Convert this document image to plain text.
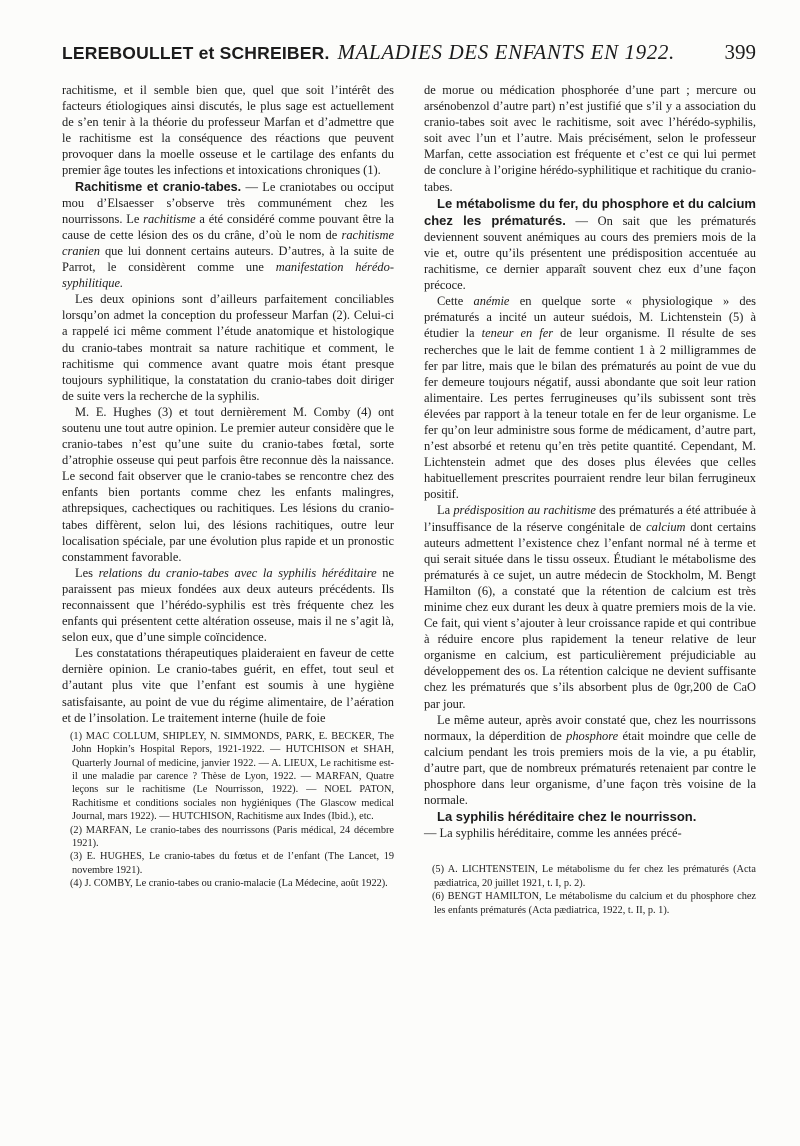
LEREBOULLET et SCHREIBER. MALADIES DES ENFANTS EN 1922.	399

rachitisme, et il semble bien que, quel que soit l’intérêt des facteurs étiologiques ainsi discutés, le plus sage est actuellement de s’en tenir à la théorie du professeur Marfan et d’admettre que le rachitisme est la conséquence des réactions que peuvent provoquer dans la moelle osseuse et le cartilage des enfants du premier âge toutes les infections et intoxications chroniques (1).

Rachitisme et cranio-tabes. — Le craniotabes ou occiput mou d’Elsaesser s’observe très communément chez les nourrissons. Le rachitisme a été considéré comme pouvant être la cause de cette lésion des os du crâne, d’où le nom de rachitisme cranien que lui donnent certains auteurs. D’autres, à la suite de Parrot, le considèrent comme une manifestation hérédo-syphilitique.

Les deux opinions sont d’ailleurs parfaitement conciliables lorsqu’on admet la conception du professeur Marfan (2). Celui-ci a rappelé ici même comment l’étude anatomique et histologique du cranio-tabes montrait sa nature rachitique et comment, le rachitisme qui commence avant quatre mois étant presque toujours syphilitique, la constatation du cranio-tabes doit diriger de suite vers la recherche de la syphilis.

M. E. Hughes (3) et tout dernièrement M. Comby (4) ont soutenu une tout autre opinion. Le premier auteur considère que le cranio-tabes n’est qu’une suite du cranio-tabes fœtal, sorte d’atrophie osseuse qui peut parfois être reconnue dès la naissance. Le second fait observer que le cranio-tabes se rencontre chez des enfants bien portants comme chez les enfants malingres, athrepsiques, cachectiques ou rachitiques. Les lésions du cranio-tabes diffèrent, selon lui, des lésions rachitiques, outre leur localisation spéciale, par une évolution plus rapide et un pronostic constamment favorable.

Les relations du cranio-tabes avec la syphilis héréditaire ne paraissent pas mieux fondées aux deux auteurs précédents. Ils reconnaissent que l’hérédo-syphilis est très fréquente chez les enfants qui présentent cette altération osseuse, mais il ne s’agit là, selon eux, que d’une simple coïncidence.

Les constatations thérapeutiques plaideraient en faveur de cette dernière opinion. Le cranio-tabes guérit, en effet, tout seul et d’autant plus vite que l’enfant est soumis à une hygiène satisfaisante, au point de vue du régime alimentaire, de l’aération et de l’insolation. Le traitement interne (huile de foie

(1) MAC COLLUM, SHIPLEY, N. SIMMONDS, PARK, E. BECKER, The John Hopkin’s Hospital Repors, 1921-1922. — HUTCHISON et SHAH, Quarterly Journal of medicine, janvier 1922. — A. LIEUX, Le rachitisme est-il une maladie par carence ? Thèse de Lyon, 1922. — MARFAN, Quatre leçons sur le rachitisme (Le Nourrisson, 1922). — NOEL PATON, Rachitisme et conditions sociales non hygiéniques (The Glascow medical Journal, mars 1922). — HUTCHISON, Rachitisme aux Indes (Ibid.), etc.

(2) MARFAN, Le cranio-tabes des nourrissons (Paris médical, 24 décembre 1921).

(3) E. HUGHES, Le cranio-tabes du fœtus et de l’enfant (The Lancet, 19 novembre 1921).

(4) J. COMBY, Le cranio-tabes ou cranio-malacie (La Médecine, août 1922).

de morue ou médication phosphorée d’une part ; mercure ou arsénobenzol d’autre part) n’est justifié que s’il y a association du cranio-tabes soit avec le rachitisme, soit avec l’hérédo-syphilis, soit avec l’un et l’autre. Mais précisément, selon le professeur Marfan, cette association est fréquente et c’est ce qui lui permet de conclure à l’origine hérédo-syphilitique et rachitique du cranio-tabes.

Le métabolisme du fer, du phosphore et du calcium chez les prématurés. — On sait que les prématurés deviennent souvent anémiques au cours des premiers mois de la vie et, outre qu’ils présentent une prédisposition accentuée au rachitisme, ce dernier apparaît souvent chez eux d’une façon précoce.

Cette anémie en quelque sorte « physiologique » des prématurés a incité un auteur suédois, M. Lichtenstein (5) à étudier la teneur en fer de leur organisme. Il résulte de ses recherches que le lait de femme contient 1 à 2 milligrammes de fer par litre, mais que le bilan des prématurés au point de vue du fer demeure toujours négatif, aussi abondante que soit leur ration alimentaire. Les pertes ferrugineuses qu’ils subissent sont très élevées par rapport à la teneur totale en fer de leur organisme. Le fer qu’on leur administre sous forme de médicament, d’autre part, n’est absorbé et retenu qu’en très petite quantité. Cependant, M. Lichtenstein admet que des doses plus élevées que celles habituellement prescrites pourraient rendre leur bilan ferrugineux positif.

La prédisposition au rachitisme des prématurés a été attribuée à l’insuffisance de la réserve congénitale de calcium dont certains auteurs admettent l’existence chez l’enfant normal né à terme et qui serait située dans le tissu osseux. Étudiant le métabolisme des prématurés à ce sujet, un autre médecin de Stockholm, M. Bengt Hamilton (6), a constaté que la rétention de calcium est très minime chez eux durant les deux à quatre premiers mois de la vie. Ce fait, qui vient s’ajouter à leur croissance rapide et qui contribue à réduire encore plus rapidement la teneur relative de leur organisme en calcium, est particulièrement préjudiciable au développement des os. La rétention calcique ne devient suffisante chez les prématurés que s’ils absorbent plus de 0gr,200 de CaO par jour.

Le même auteur, après avoir constaté que, chez les nourrissons normaux, la déperdition de phosphore était moindre que celle de calcium pendant les trois premiers mois de la vie, a pu établir, d’autre part, que de nombreux prématurés retenaient par contre le phosphore dans leur organisme, d’une façon très voisine de la normale.

La syphilis héréditaire chez le nourrisson.

— La syphilis héréditaire, comme les années précé-

(5) A. LICHTENSTEIN, Le métabolisme du fer chez les prématurés (Acta pædiatrica, 20 juillet 1921, t. I, p. 2).

(6) BENGT HAMILTON, Le métabolisme du calcium et du phosphore chez les enfants prématurés (Acta pædiatrica, 1922, t. II, p. 1).
